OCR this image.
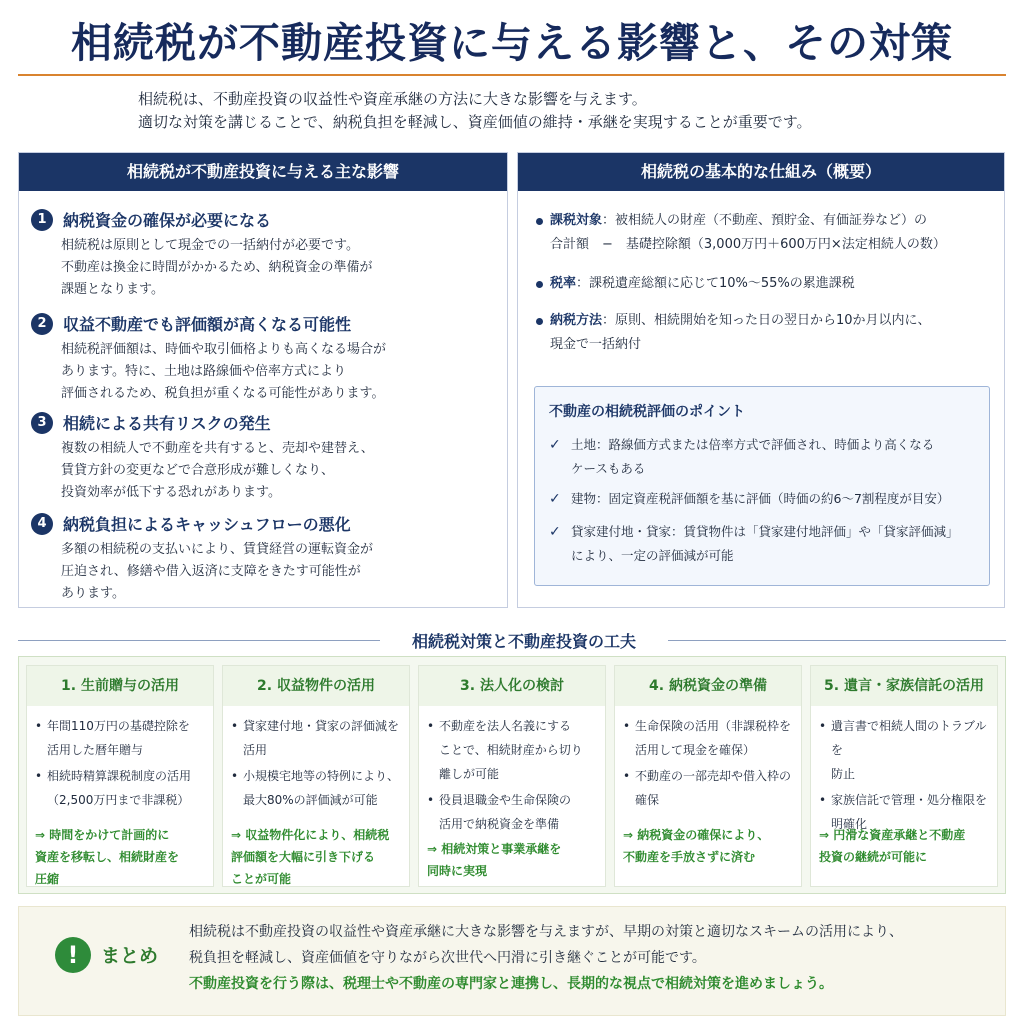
相続税が不動産投資に与える影響と、その対策
相続税は、不動産投資の収益性や資産承継の方法に大きな影響を与えます。
適切な対策を講じることで、納税負担を軽減し、資産価値の維持・承継を実現することが重要です。
相続税が不動産投資に与える主な影響
1	納税資金の確保が必要になる
相続税は原則として現金での一括納付が必要です。
不動産は換金に時間がかかるため、納税資金の準備が
課題となります。
2	収益不動産でも評価額が高くなる可能性
相続税評価額は、時価や取引価格よりも高くなる場合が
あります。特に、土地は路線価や倍率方式により
評価されるため、税負担が重くなる可能性があります。
3	相続による共有リスクの発生
複数の相続人で不動産を共有すると、売却や建替え、
賃貸方針の変更などで合意形成が難しくなり、
投資効率が低下する恐れがあります。
4	納税負担によるキャッシュフローの悪化
多額の相続税の支払いにより、賃貸経営の運転資金が
圧迫され、修繕や借入返済に支障をきたす可能性が
あります。
相続税の基本的な仕組み（概要）
課税対象：被相続人の財産（不動産、預貯金、有価証券など）の
合計額　−　基礎控除額（3,000万円＋600万円×法定相続人の数）
税率：課税遺産総額に応じて10%〜55%の累進課税
納税方法：原則、相続開始を知った日の翌日から10か月以内に、
現金で一括納付
不動産の相続税評価のポイント
✓ 土地：路線価方式または倍率方式で評価され、時価より高くなる
ケースもある
✓ 建物：固定資産税評価額を基に評価（時価の約6〜7割程度が目安）
✓ 貸家建付地・貸家：賃貸物件は「貸家建付地評価」や「貸家評価減」
により、一定の評価減が可能
相続税対策と不動産投資の工夫
1. 生前贈与の活用
• 年間110万円の基礎控除を
活用した暦年贈与
• 相続時精算課税制度の活用
（2,500万円まで非課税）
⇒ 時間をかけて計画的に
資産を移転し、相続財産を
圧縮
2. 収益物件の活用
• 貸家建付地・貸家の評価減を
活用
• 小規模宅地等の特例により、
最大80%の評価減が可能
⇒ 収益物件化により、相続税
評価額を大幅に引き下げる
ことが可能
3. 法人化の検討
• 不動産を法人名義にする
ことで、相続財産から切り
離しが可能
• 役員退職金や生命保険の
活用で納税資金を準備
⇒ 相続対策と事業承継を
同時に実現
4. 納税資金の準備
• 生命保険の活用（非課税枠を
活用して現金を確保）
• 不動産の一部売却や借入枠の
確保
⇒ 納税資金の確保により、
不動産を手放さずに済む
5. 遺言・家族信託の活用
• 遺言書で相続人間のトラブルを
防止
• 家族信託で管理・処分権限を
明確化
⇒ 円滑な資産承継と不動産
投資の継続が可能に
!	まとめ
相続税は不動産投資の収益性や資産承継に大きな影響を与えますが、早期の対策と適切なスキームの活用により、
税負担を軽減し、資産価値を守りながら次世代へ円滑に引き継ぐことが可能です。
不動産投資を行う際は、税理士や不動産の専門家と連携し、長期的な視点で相続対策を進めましょう。
